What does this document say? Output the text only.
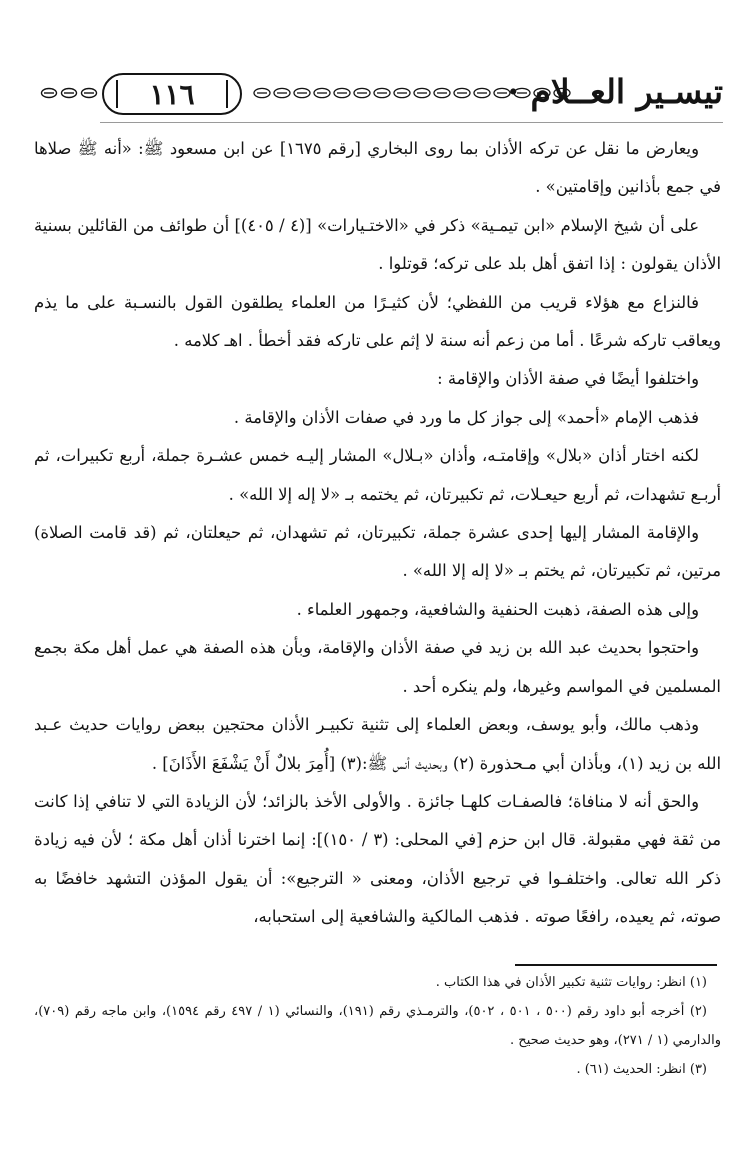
١١٦	تيسـير العــلام ·

ويعارض ما نقل عن تركه الأذان بما روى البخاري [رقم ١٦٧٥] عن ابن مسعود ﷺ: «أنه ﷺ صلاها في جمع بأذانين وإقامتين» .

على أن شيخ الإسلام «ابن تيمـية» ذكر في «الاختـيارات» [(٤ / ٤٠٥)] أن طوائف من القائلين بسنية الأذان يقولون : إذا اتفق أهل بلد على تركه؛ قوتلوا .

فالنزاع مع هؤلاء قريب من اللفظي؛ لأن كثيـرًا من العلماء يطلقون القول بالنسـبة على ما يذم ويعاقب تاركه شرعًا . أما من زعم أنه سنة لا إثم على تاركه فقد أخطأ . اهـ كلامه .

واختلفوا أيضًا في صفة الأذان والإقامة :

فذهب الإمام «أحمد» إلى جواز كل ما ورد في صفات الأذان والإقامة .

لكنه اختار أذان «بلال» وإقامتـه، وأذان «بـلال» المشار إليـه خمس عشـرة جملة، أربع تكبيرات، ثم أربـع تشهدات، ثم أربع حيعـلات، ثم تكبيرتان، ثم يختمه بـ «لا إله إلا الله» .

والإقامة المشار إليها إحدى عشرة جملة، تكبيرتان، ثم تشهدان، ثم حيعلتان، ثم (قد قامت الصلاة) مرتين، ثم تكبيرتان، ثم يختم بـ «لا إله إلا الله» .

وإلى هذه الصفة، ذهبت الحنفية والشافعية، وجمهور العلماء .

واحتجوا بحديث عبد الله بن زيد في صفة الأذان والإقامة، وبأن هذه الصفة هي عمل أهل مكة بجمع المسلمين في المواسم وغيرها، ولم ينكره أحد .

وذهب مالك، وأبو يوسف، وبعض العلماء إلى تثنية تكبيـر الأذان محتجين ببعض روايات حديث عـبد الله بن زيد (١)، وبأذان أبي مـحذورة (٢) وبحديث أنس ﷺ:(٣) [أُمِرَ بلالٌ أَنْ يَشْفَعَ الأَذَانَ] .

والحق أنه لا منافاة؛ فالصفـات كلهـا جائزة . والأولى الأخذ بالزائد؛ لأن الزيادة التي لا تنافي إذا كانت من ثقة فهي مقبولة. قال ابن حزم [في المحلى: (٣ / ١٥٠)]: إنما اخترنا أذان أهل مكة ؛ لأن فيه زيادة ذكر الله تعالى. واختلفـوا في ترجيع الأذان، ومعنى « الترجيع»: أن يقول المؤذن التشهد خافضًا به صوته، ثم يعيده، رافعًا صوته . فذهب المالكية والشافعية إلى استحبابه،

(١) انظر: روايات تثنية تكبير الأذان في هذا الكتاب .

(٢) أخرجه أبو داود رقم (٥٠٠ ، ٥٠١ ، ٥٠٢)، والترمـذي رقم (١٩١)، والنسائي (١ / ٤٩٧ رقم ١٥٩٤)، وابن ماجه رقم (٧٠٩)، والدارمي (١ / ٢٧١)، وهو حديث صحيح .

(٣) انظر: الحديث (٦١) .
